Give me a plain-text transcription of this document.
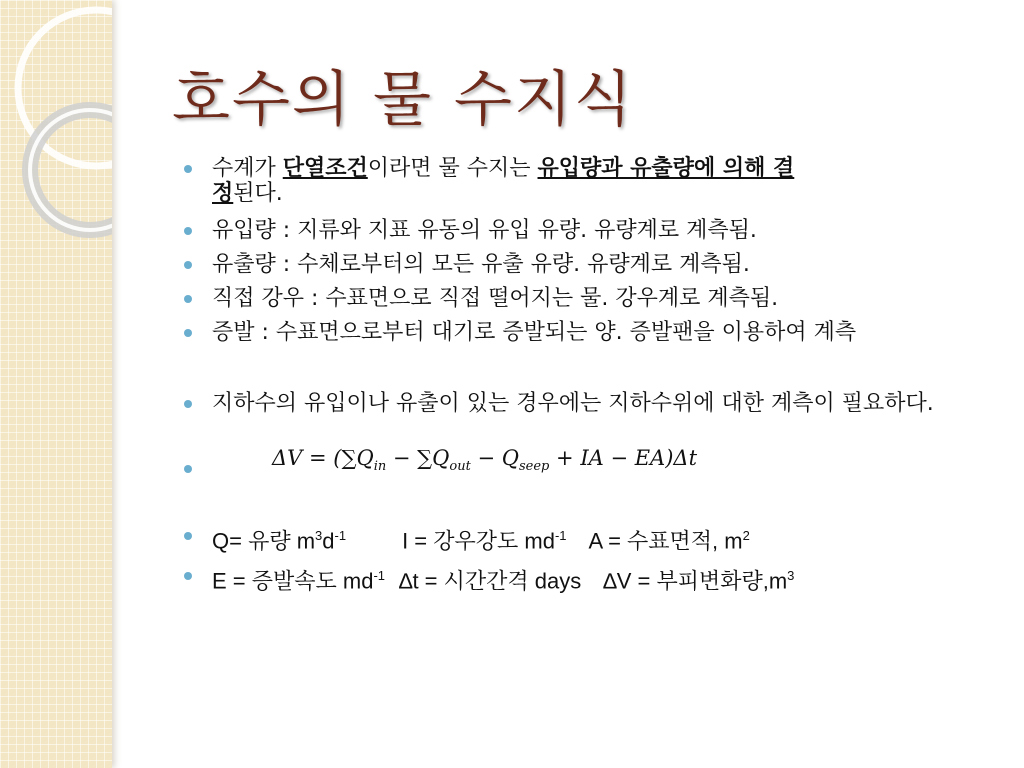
호수의 물 수지식
수계가 단열조건이라면 물 수지는 유입량과 유출량에 의해 결
정된다.
유입량 : 지류와 지표 유동의 유입 유량. 유량계로 계측됨.
유출량 : 수체로부터의 모든 유출 유량. 유량계로 계측됨.
직접 강우 : 수표면으로 직접 떨어지는 물. 강우계로 계측됨.
증발 : 수표면으로부터 대기로 증발되는 양. 증발팬을 이용하여 계측
지하수의 유입이나 유출이 있는 경우에는 지하수위에 대한 계측이 필요하다.
$\Delta V = (\sum Q_{in} - \sum Q_{out} - Q_{seep}$ + IA − EA)Δt
Q= 유량 $m^3d^{-1}$	I = 강우강도 $md^{-1}$ A = 수표면적, $m^2$
E = 증발속도 $md^{-1}$ ∆t = 시간간격 days ∆V = 부피변화량$,m^3$
